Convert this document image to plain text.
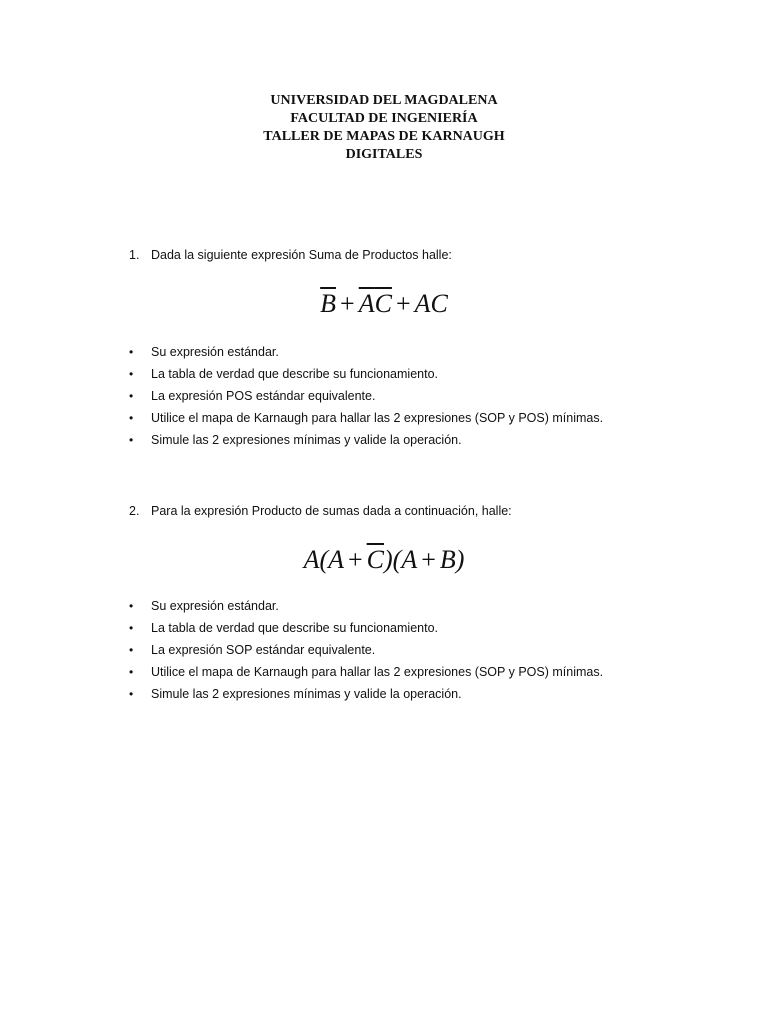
UNIVERSIDAD DEL MAGDALENA
FACULTAD DE INGENIERÍA
TALLER DE MAPAS DE KARNAUGH
DIGITALES
1. Dada la siguiente expresión Suma de Productos halle:
$\overline{B} + \overline{A}\overline{C}$ + AC
• Su expresión estándar.
• La tabla de verdad que describe su funcionamiento.
• La expresión POS estándar equivalente.
• Utilice el mapa de Karnaugh para hallar las 2 expresiones (SOP y POS) mínimas.
• Simule las 2 expresiones mínimas y valide la operación.
2. Para la expresión Producto de sumas dada a continuación, halle:
$A(A + \overline{C})(A + B)$
• Su expresión estándar.
• La tabla de verdad que describe su funcionamiento.
• La expresión SOP estándar equivalente.
• Utilice el mapa de Karnaugh para hallar las 2 expresiones (SOP y POS) mínimas.
• Simule las 2 expresiones mínimas y valide la operación.
